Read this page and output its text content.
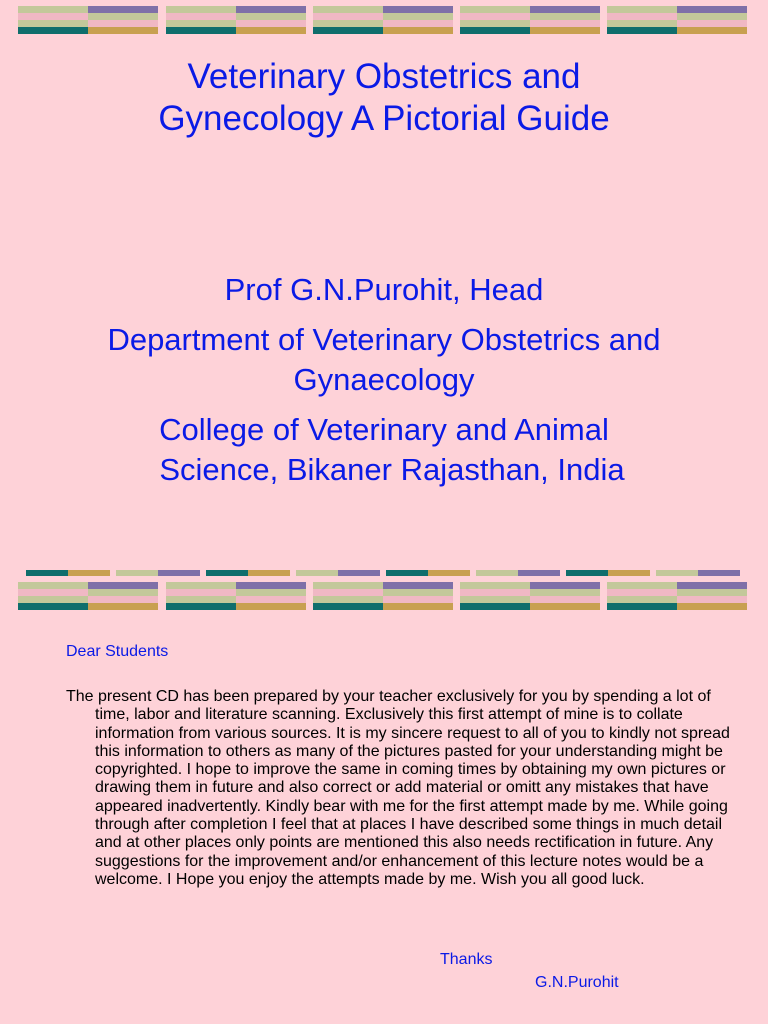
Veterinary Obstetrics and
Gynecology A Pictorial Guide
Prof G.N.Purohit, Head
Department of Veterinary Obstetrics and
Gynaecology
College of Veterinary and Animal
Science, Bikaner Rajasthan, India

Dear Students

The present CD has been prepared by your teacher exclusively for you by spending a lot of time, labor and literature scanning. Exclusively this first attempt of mine is to collate information from various sources. It is my sincere request to all of you to kindly not spread this information to others as many of the pictures pasted for your understanding might be copyrighted. I hope to improve the same in coming times by obtaining my own pictures or drawing them in future and also correct or add material or omitt any mistakes that have appeared inadvertently. Kindly bear with me for the first attempt made by me. While going through after completion I feel that at places I have described some things in much detail and at other places only points are mentioned this also needs rectification in future. Any suggestions for the improvement and/or enhancement of this lecture notes would be a welcome. I Hope you enjoy the attempts made by me. Wish you all good luck.

Thanks

G.N.Purohit
